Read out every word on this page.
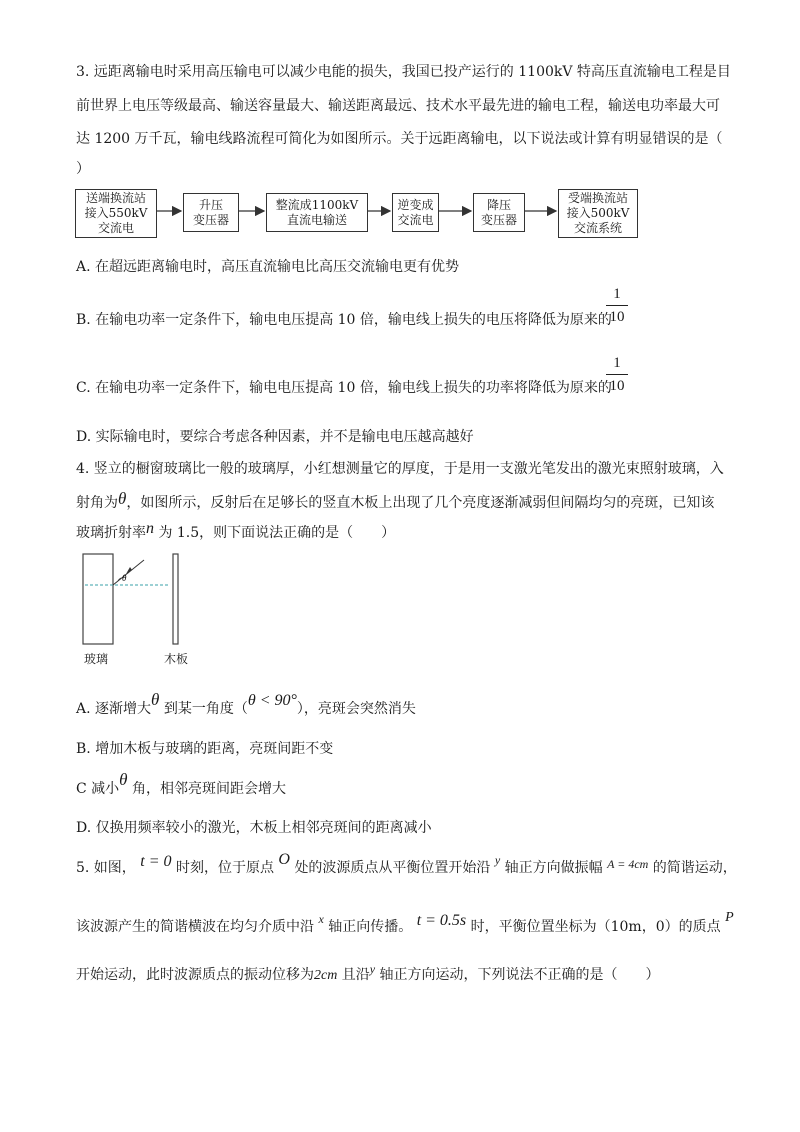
3. 远距离输电时采用高压输电可以减少电能的损失，我国已投产运行的 1100kV 特高压直流输电工程是目
前世界上电压等级最高、输送容量最大、输送距离最远、技术水平最先进的输电工程，输送电功率最大可
达 1200 万千瓦，输电线路流程可简化为如图所示。关于远距离输电，以下说法或计算有明显错误的是（
）
送端换流站
接入550kV
交流电
升压
变压器
整流成1100kV
直流电输送
逆变成
交流电
降压
变压器
受端换流站
接入500kV
交流系统
A. 在超远距离输电时，高压直流输电比高压交流输电更有优势
B. 在输电功率一定条件下，输电电压提高 10 倍，输电线上损失的电压将降低为原来的
1
10
C. 在输电功率一定条件下，输电电压提高 10 倍，输电线上损失的功率将降低为原来的
1
10
D. 实际输电时，要综合考虑各种因素，并不是输电电压越高越好
4. 竖立的橱窗玻璃比一般的玻璃厚，小红想测量它的厚度，于是用一支激光笔发出的激光束照射玻璃，入
射角为θ，如图所示，反射后在足够长的竖直木板上出现了几个亮度逐渐减弱但间隔均匀的亮斑，已知该
玻璃折射率n 为 1.5，则下面说法正确的是（　　）
θ
玻璃	木板
A. 逐渐增大θ 到某一角度（θ < 90°），亮斑会突然消失
B. 增加木板与玻璃的距离，亮斑间距不变
C 减小θ 角，相邻亮斑间距会增大
D. 仅换用频率较小的激光，木板上相邻亮斑间的距离减小
5. 如图， t = 0 时刻，位于原点 O 处的波源质点从平衡位置开始沿 y 轴正方向做振幅 A = 4cm 的简谐运动，
该波源产生的简谐横波在均匀介质中沿 x 轴正向传播。 t = 0.5s 时，平衡位置坐标为（10m，0）的质点 P
开始运动，此时波源质点的振动位移为2cm 且沿y 轴正方向运动，下列说法不正确的是（　　）
